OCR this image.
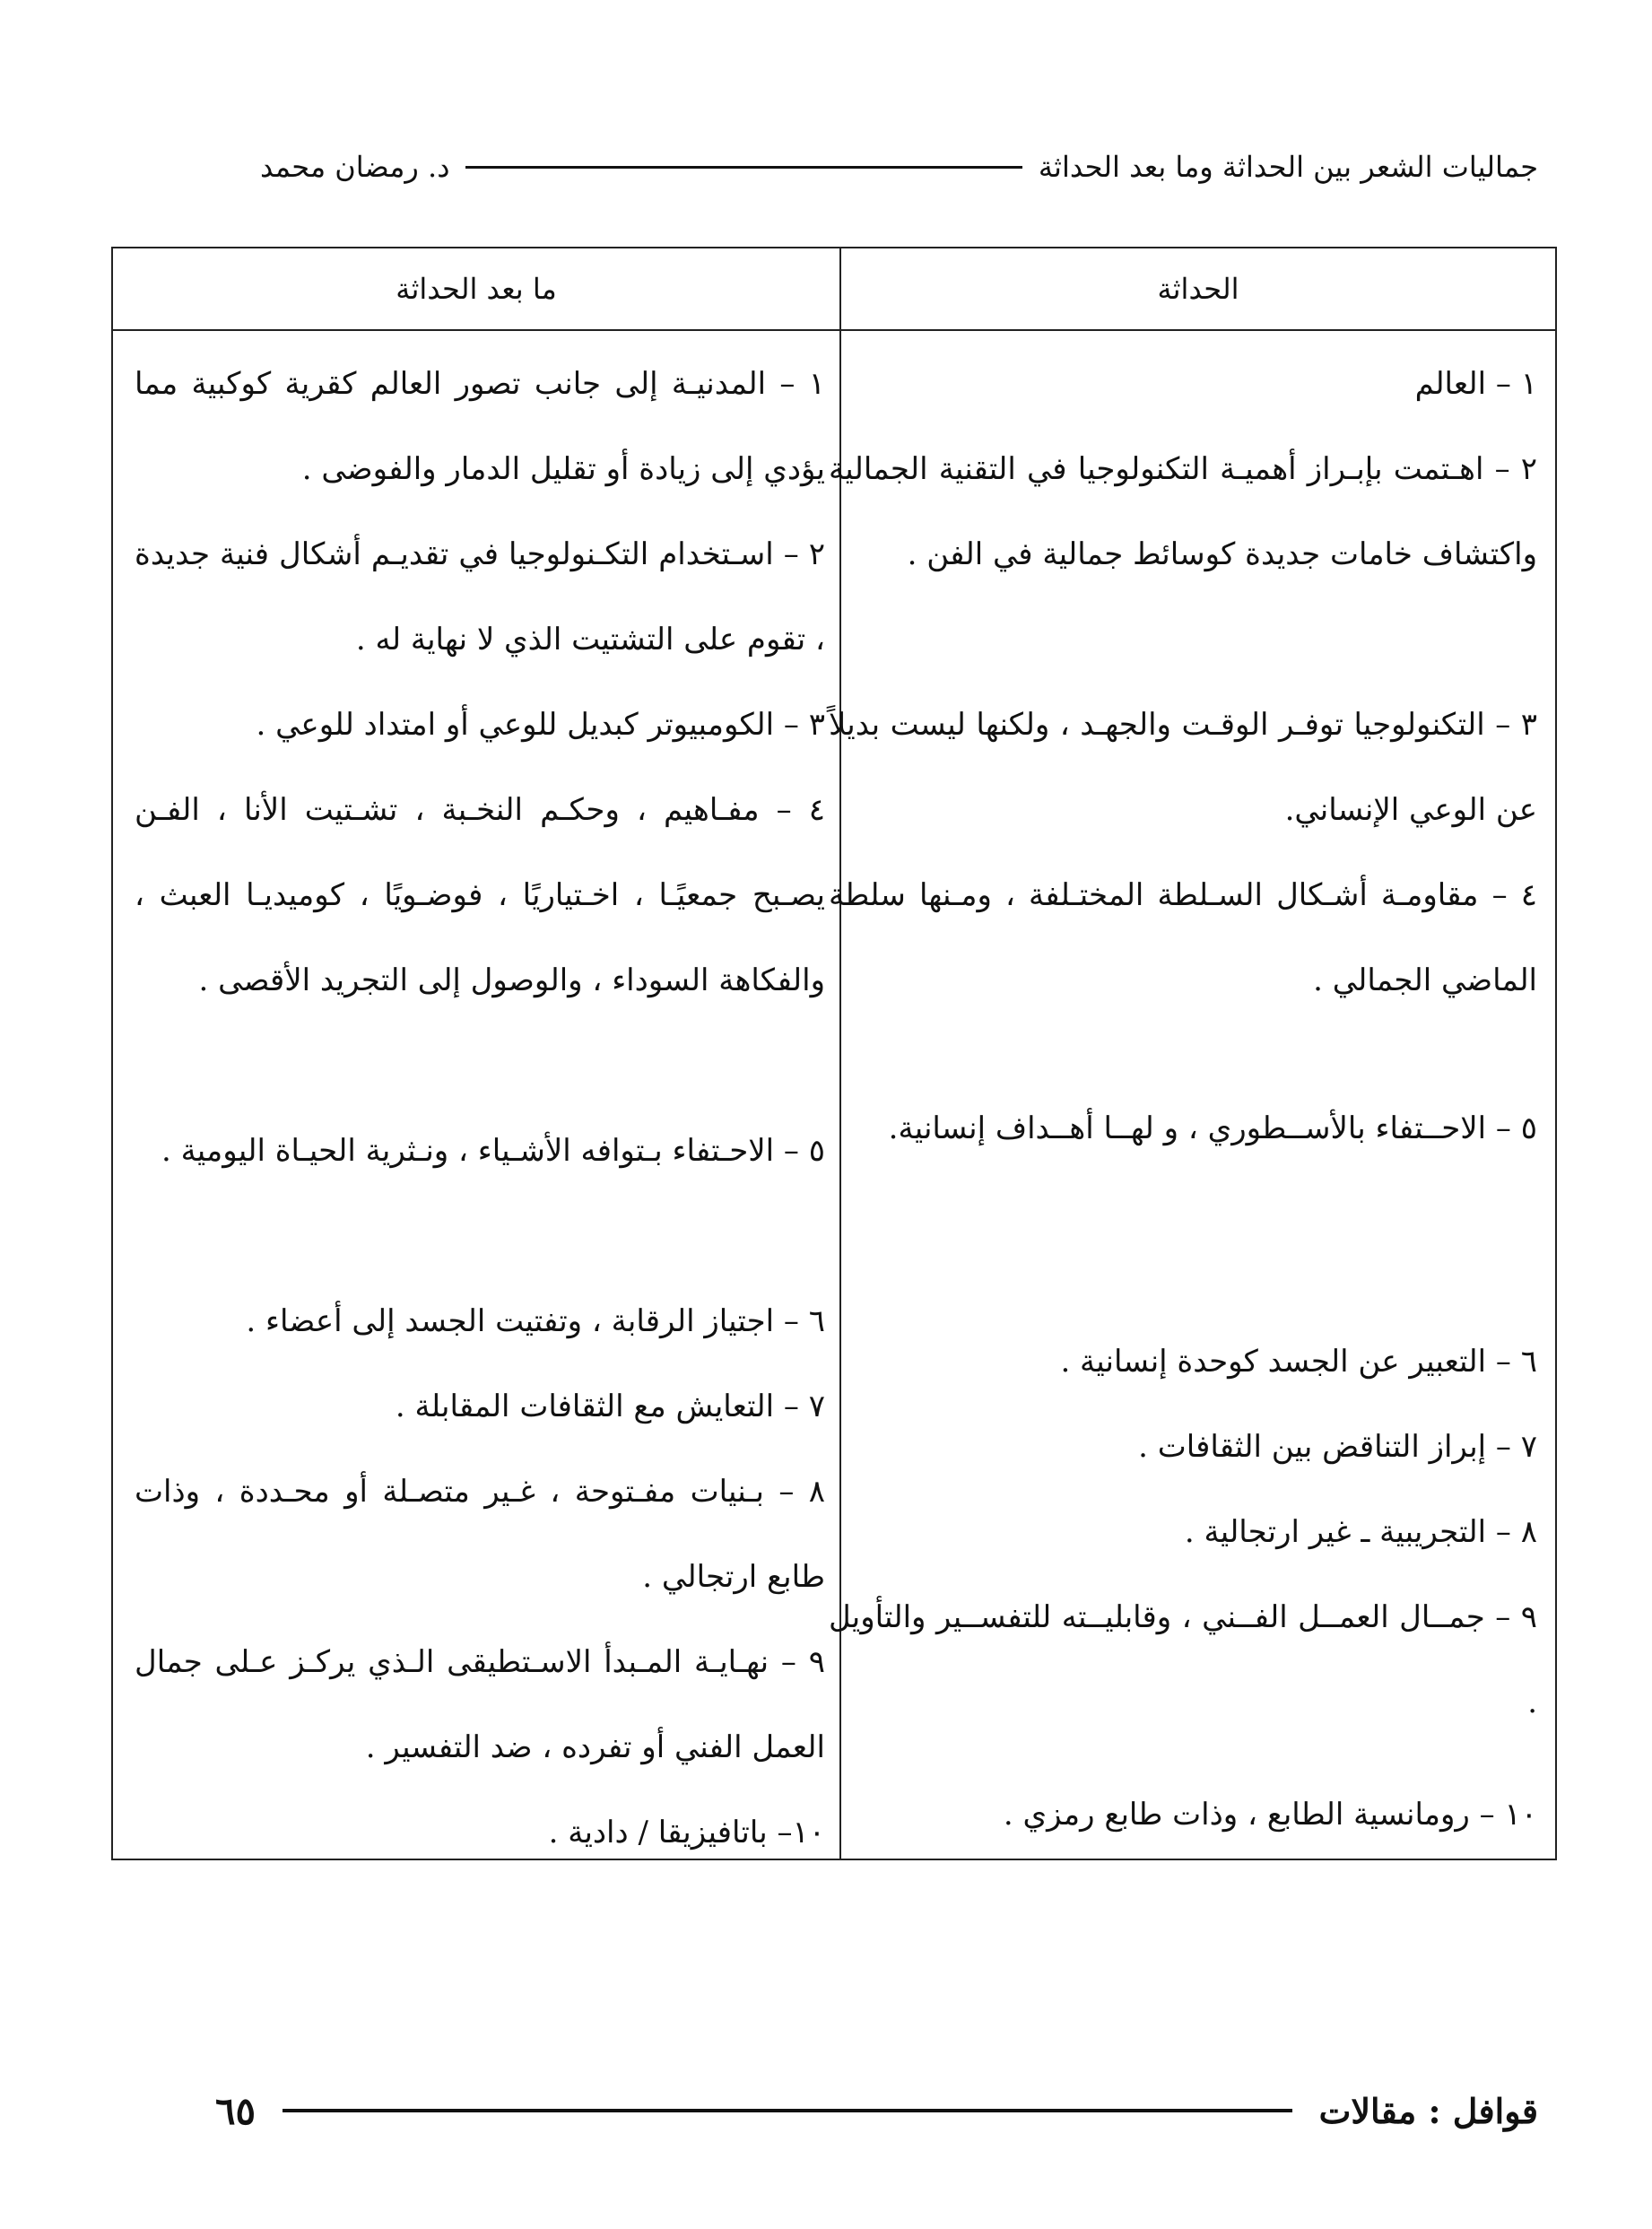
جماليات الشعر بين الحداثة وما بعد الحداثة
د. رمضان محمد
ما بعد الحداثة	الحداثة
١ – المدنيـة إلى جانب تصور العالم كقرية كوكبية مما يؤدي إلى زيادة أو تقليل الدمار والفوضى .
٢ – اسـتخدام التكـنولوجيا في تقديـم أشكال فنية جديدة ، تقوم على التشتيت الذي لا نهاية له .
٣ – الكومبيوتر كبديل للوعي أو امتداد للوعي .
٤ – مفـاهيم ، وحكـم النخـبة ، تشـتيت الأنا ، الفـن يصـبح جمعيًـا ، اخـتياريًا ، فوضـويًا ، كوميديـا العبث ، والفكاهة السوداء ، والوصول إلى التجريد الأقصى .
٥ – الاحـتفاء بـتوافه الأشـياء ، ونـثرية الحيـاة اليومية .
٦ – اجتياز الرقابة ، وتفتيت الجسد إلى أعضاء .
٧ – التعايش مع الثقافات المقابلة .
٨ – بـنيات مفـتوحة ، غـير متصـلة أو محـددة ، وذات طابع ارتجالي .
٩ – نهـايـة المـبدأ الاسـتطيقى الـذي يركـز عـلى جمال العمل الفني أو تفرده ، ضد التفسير .
١٠– باتافيزيقا / دادية .
١ – العالم
٢ – اهـتمت بإبـراز أهميـة التكنولوجيا في التقنية الجمالية واكتشاف خامات جديدة كوسائط جمالية في الفن .
٣ – التكنولوجيا توفـر الوقـت والجهـد ، ولكنها ليست بديلاً عن الوعي الإنساني.
٤ – مقاومـة أشـكال السـلطة المختـلفة ، ومـنها سلطة الماضي الجمالي .
٥ – الاحــتفاء بالأســطوري ، و لهــا أهــداف إنسانية.
٦ – التعبير عن الجسد كوحدة إنسانية .
٧ – إبراز التناقض بين الثقافات .
٨ – التجريبية ـ غير ارتجالية .
٩ – جمــال العمــل الفــني ، وقابليــته للتفســير والتأويل .
١٠ – رومانسية الطابع ، وذات طابع رمزي .
قوافل : مقالات
٦٥
